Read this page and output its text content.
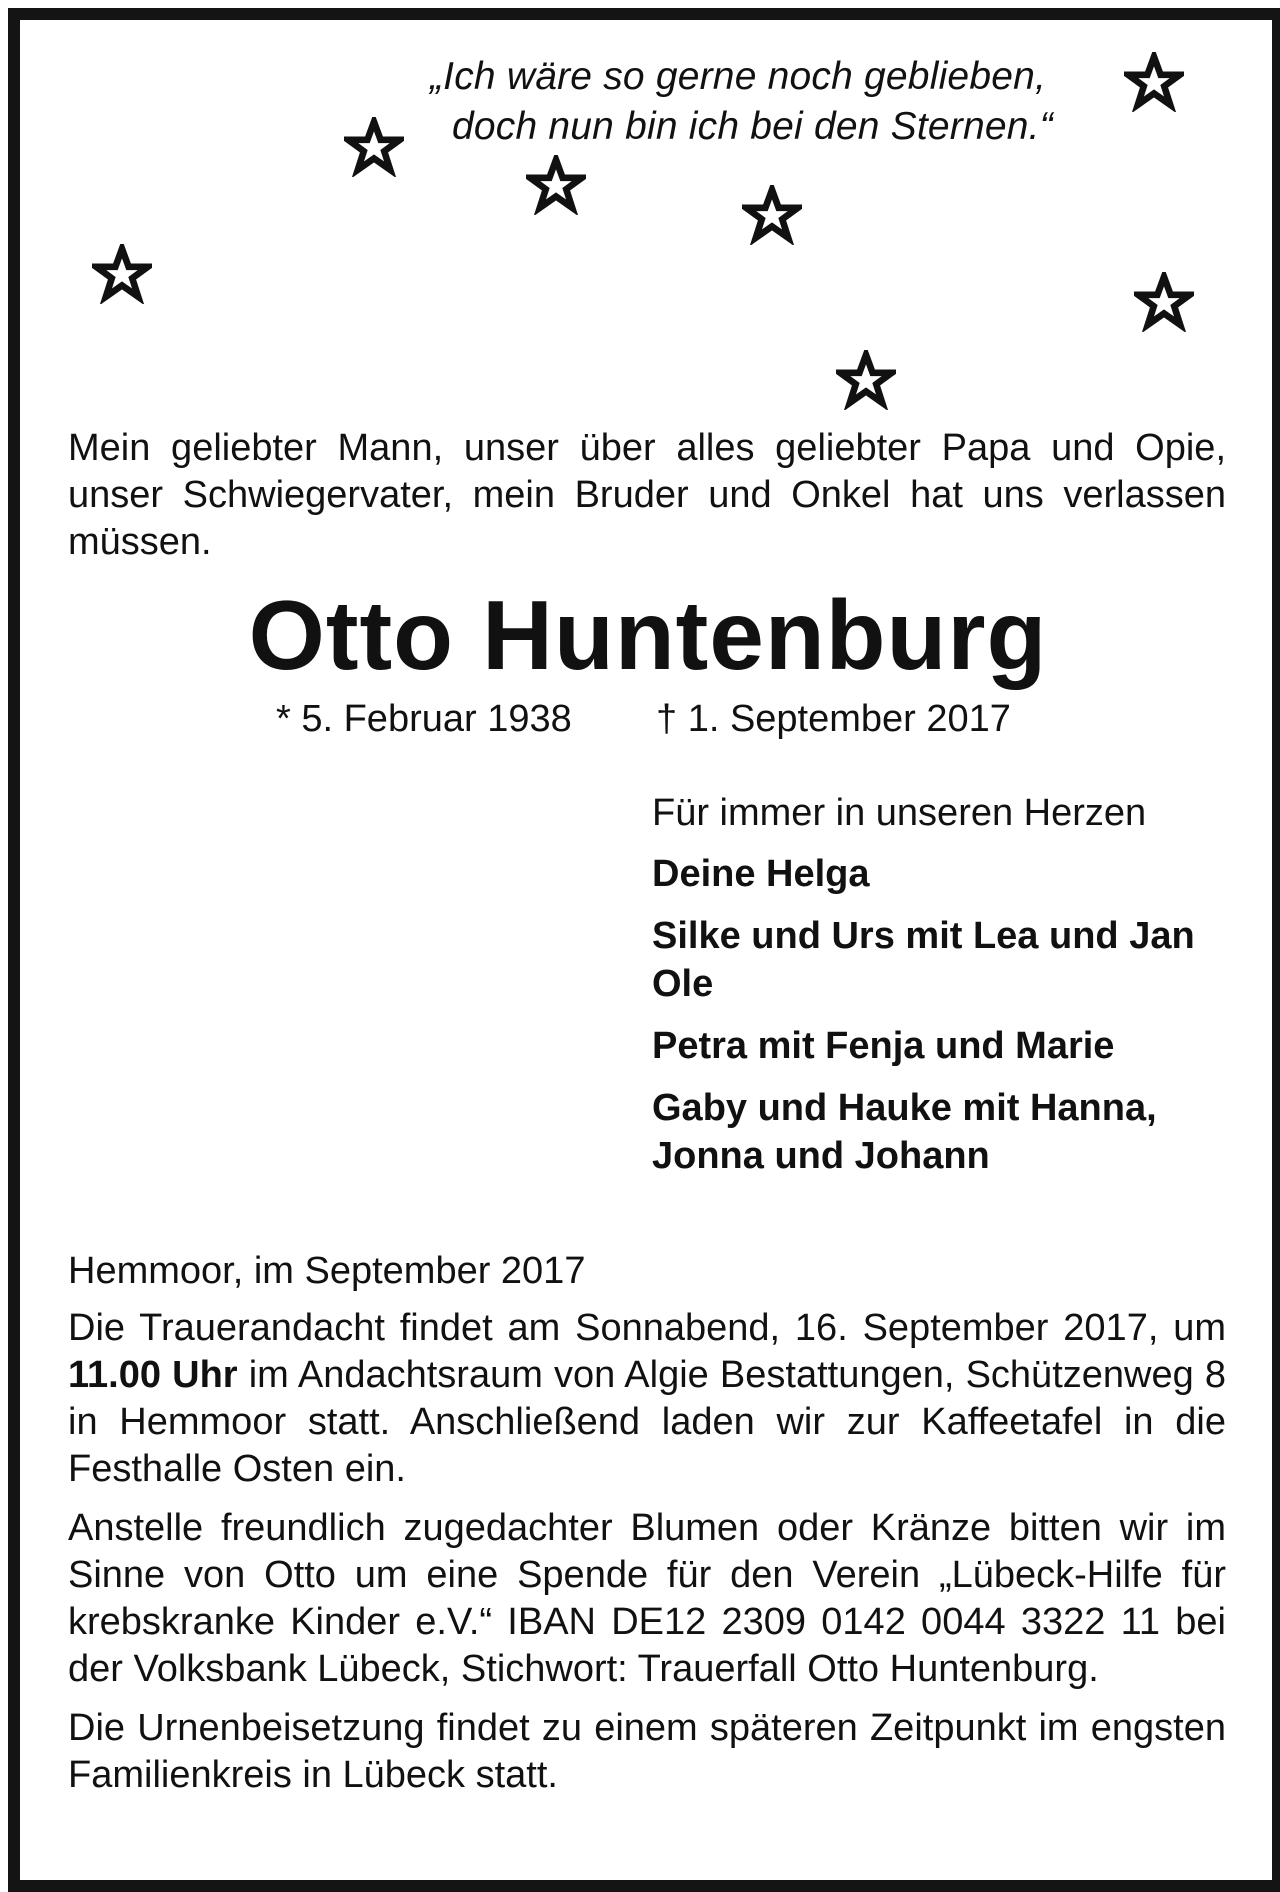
„Ich wäre so gerne noch geblieben,
doch nun bin ich bei den Sternen.“
Mein geliebter Mann, unser über alles geliebter Papa und Opie, unser Schwiegervater, mein Bruder und Onkel hat uns verlassen müssen.
Otto Huntenburg
* 5. Februar 1938 † 1. September 2017
Für immer in unseren Herzen
Deine Helga
Silke und Urs mit Lea und Jan Ole
Petra mit Fenja und Marie
Gaby und Hauke mit Hanna, Jonna und Johann

Hemmoor, im September 2017

Die Trauerandacht findet am Sonnabend, 16. September 2017, um 11.00 Uhr im Andachtsraum von Algie Bestattungen, Schützenweg 8 in Hemmoor statt. Anschließend laden wir zur Kaffeetafel in die Festhalle Osten ein.

Anstelle freundlich zugedachter Blumen oder Kränze bitten wir im Sinne von Otto um eine Spende für den Verein „Lübeck-Hilfe für krebskranke Kinder e.V.“ IBAN DE12 2309 0142 0044 3322 11 bei der Volksbank Lübeck, Stichwort: Trauerfall Otto Huntenburg.

Die Urnenbeisetzung findet zu einem späteren Zeitpunkt im engsten Familienkreis in Lübeck statt.
